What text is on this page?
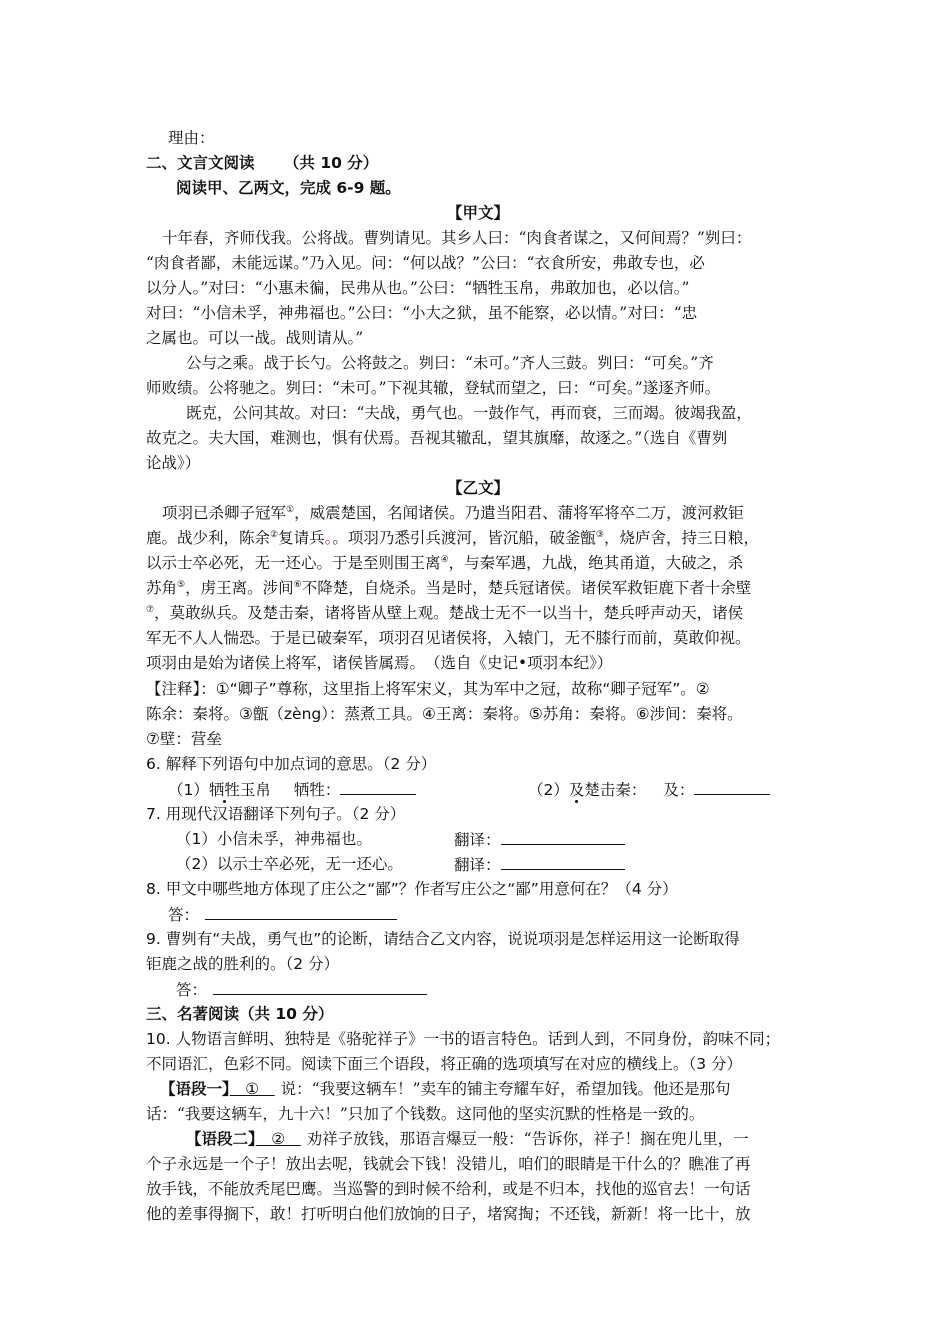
理由：
二、文言文阅读 （共 10 分）
阅读甲、乙两文，完成 6-9 题。
【甲文】
十年春，齐师伐我。公将战。曹刿请见。其乡人曰：“肉食者谋之，又何间焉？”刿曰：
“肉食者鄙，未能远谋。”乃入见。问：“何以战？”公曰：“衣食所安，弗敢专也，必
以分人。”对曰：“小惠未徧，民弗从也。”公曰：“牺牲玉帛，弗敢加也，必以信。”
对曰：“小信未孚，神弗福也。”公曰：“小大之狱，虽不能察，必以情。”对曰：“忠
之属也。可以一战。战则请从。”
公与之乘。战于长勺。公将鼓之。刿曰：“未可。”齐人三鼓。刿曰：“可矣。”齐
师败绩。公将驰之。刿曰：“未可。”下视其辙，登轼而望之，曰：“可矣。”遂逐齐师。
既克，公问其故。对曰：“夫战，勇气也。一鼓作气，再而衰，三而竭。彼竭我盈，
故克之。夫大国，难测也，惧有伏焉。吾视其辙乱，望其旗靡，故逐之。”（选自《曹刿
论战》）
【乙文】
项羽已杀卿子冠军①，威震楚国，名闻诸侯。乃遣当阳君、蒲将军将卒二万，渡河救钜
鹿。战少利，陈余②复请兵。。项羽乃悉引兵渡河，皆沉船，破釜甑③，烧庐舍，持三日粮，
以示士卒必死，无一还心。于是至则围王离④，与秦军遇，九战，绝其甬道，大破之，杀
苏角⑤，虏王离。涉间⑥不降楚，自烧杀。当是时，楚兵冠诸侯。诸侯军救钜鹿下者十余壁
⑦，莫敢纵兵。及楚击秦，诸将皆从壁上观。楚战士无不一以当十，楚兵呼声动天，诸侯
军无不人人惴恐。于是已破秦军，项羽召见诸侯将，入辕门，无不膝行而前，莫敢仰视。
项羽由是始为诸侯上将军，诸侯皆属焉。　（选自《史记•项羽本纪》）
【注释】：①“卿子”尊称，这里指上将军宋义，其为军中之冠，故称“卿子冠军”。②
陈余：秦将。③甑（zèng）：蒸煮工具。④王离：秦将。⑤苏角：秦将。⑥涉间：秦将。
⑦壁：营垒
6. 解释下列语句中加点词的意思。（2 分）
（1）牺牲玉帛 牺牲：	（2）及楚击秦： 及：
7. 用现代汉语翻译下列句子。（2 分）
（1）小信未孚，神弗福也。	翻译：
（2）以示士卒必死，无一还心。	翻译：
8. 甲文中哪些地方体现了庄公之“鄙”？作者写庄公之“鄙”用意何在？（4 分）
答：
9. 曹刿有“夫战，勇气也”的论断，请结合乙文内容，说说项羽是怎样运用这一论断取得
钜鹿之战的胜利的。（2 分）
答：
三、名著阅读（共 10 分）
10. 人物语言鲜明、独特是《骆驼祥子》一书的语言特色。话到人到，不同身份，韵味不同；
不同语汇，色彩不同。阅读下面三个语段，将正确的选项填写在对应的横线上。（3 分）
【语段一】　①　说：“我要这辆车！”卖车的铺主夸耀车好，希望加钱。他还是那句
话：“我要这辆车，九十六！”只加了个钱数。这同他的坚实沉默的性格是一致的。
【语段二】　②　劝祥子放钱，那语言爆豆一般：“告诉你，祥子！搁在兜儿里，一
个子永远是一个子！放出去呢，钱就会下钱！没错儿，咱们的眼睛是干什么的？瞧准了再
放手钱，不能放秃尾巴鹰。当巡警的到时候不给利，或是不归本，找他的巡官去！一句话
他的差事得搁下，敢！打听明白他们放饷的日子，堵窝掏；不还钱，新新！将一比十，放
